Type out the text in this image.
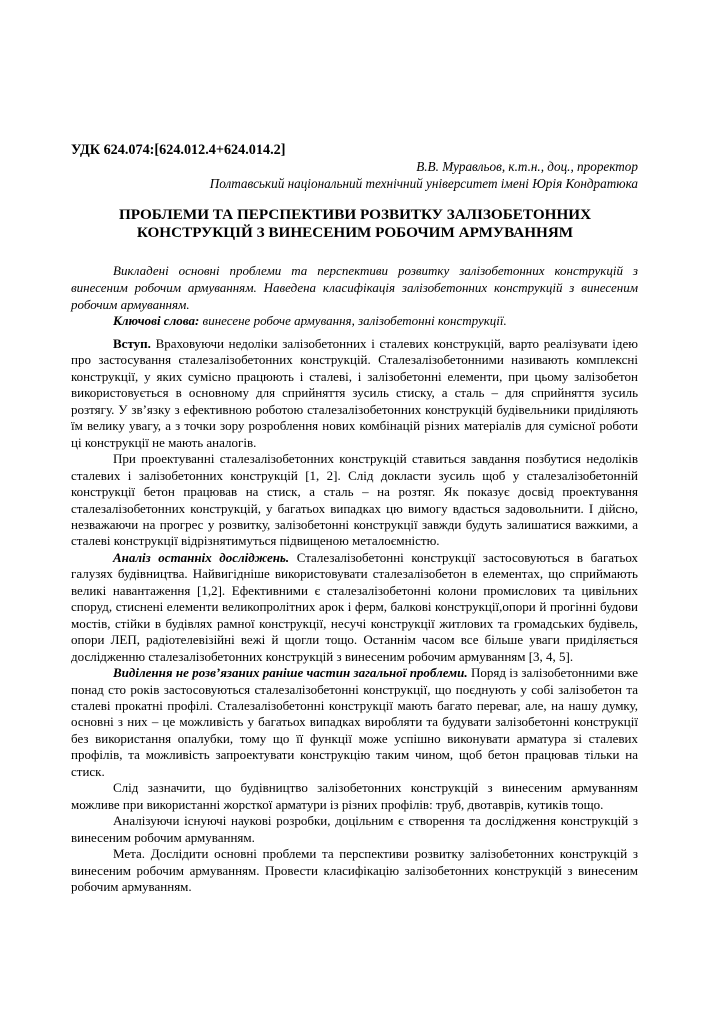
УДК 624.074:[624.012.4+624.014.2]
В.В. Муравльов, к.т.н., доц., проректор
Полтавський національний технічний університет імені Юрія Кондратюка
ПРОБЛЕМИ ТА ПЕРСПЕКТИВИ РОЗВИТКУ ЗАЛІЗОБЕТОННИХ
КОНСТРУКЦІЙ З ВИНЕСЕНИМ РОБОЧИМ АРМУВАННЯМ

Викладені основні проблеми та перспективи розвитку залізобетонних конструкцій з винесеним робочим армуванням. Наведена класифікація залізобетонних конструкцій з винесеним робочим армуванням.

Ключові слова: винесене робоче армування, залізобетонні конструкції.

Вступ. Враховуючи недоліки залізобетонних і сталевих конструкцій, варто реалізувати ідею про застосування сталезалізобетонних конструкцій. Сталезалізобетонними називають комплексні конструкції, у яких сумісно працюють і сталеві, і залізобетонні елементи, при цьому залізобетон використовується в основному для сприйняття зусиль стиску, а сталь – для сприйняття зусиль розтягу. У зв’язку з ефективною роботою сталезалізобетонних конструкцій будівельники приділяють їм велику увагу, а з точки зору розроблення нових комбінацій різних матеріалів для сумісної роботи ці конструкції не мають аналогів.

При проектуванні сталезалізобетонних конструкцій ставиться завдання позбутися недоліків сталевих і залізобетонних конструкцій [1, 2]. Слід докласти зусиль щоб у сталезалізобетонній конструкції бетон працював на стиск, а сталь – на розтяг. Як показує досвід проектування сталезалізобетонних конструкцій, у багатьох випадках цю вимогу вдасться задовольнити. І дійсно, незважаючи на прогрес у розвитку, залізобетонні конструкції завжди будуть залишатися важкими, а сталеві конструкції відрізнятимуться підвищеною металоємністю.

Аналіз останніх досліджень. Сталезалізобетонні конструкції застосовуються в багатьох галузях будівництва. Найвигідніше використовувати сталезалізобетон в елементах, що сприймають великі навантаження [1,2]. Ефективними є сталезалізобетонні колони промислових та цивільних споруд, стиснені елементи великопролітних арок і ферм, балкові конструкції,опори й прогінні будови мостів, стійки в будівлях рамної конструкції, несучі конструкції житлових та громадських будівель, опори ЛЕП, радіотелевізійні вежі й щогли тощо. Останнім часом все більше уваги приділяється дослідженню сталезалізобетонних конструкцій з винесеним робочим армуванням [3, 4, 5].

Виділення не розв’язаних раніше частин загальної проблеми. Поряд із залізобетонними вже понад сто років застосовуються сталезалізобетонні конструкції, що поєднують у собі залізобетон та сталеві прокатні профілі. Сталезалізобетонні конструкції мають багато переваг, але, на нашу думку, основні з них – це можливість у багатьох випадках виробляти та будувати залізобетонні конструкції без використання опалубки, тому що її функції може успішно виконувати арматура зі сталевих профілів, та можливість запроектувати конструкцію таким чином, щоб бетон працював тільки на стиск.

Слід зазначити, що будівництво залізобетонних конструкцій з винесеним армуванням можливе при використанні жорсткої арматури із різних профілів: труб, двотаврів, кутиків тощо.

Аналізуючи існуючі наукові розробки, доцільним є створення та дослідження конструкцій з винесеним робочим армуванням.

Мета. Дослідити основні проблеми та перспективи розвитку залізобетонних конструкцій з винесеним робочим армуванням. Провести класифікацію залізобетонних конструкцій з винесеним робочим армуванням.
